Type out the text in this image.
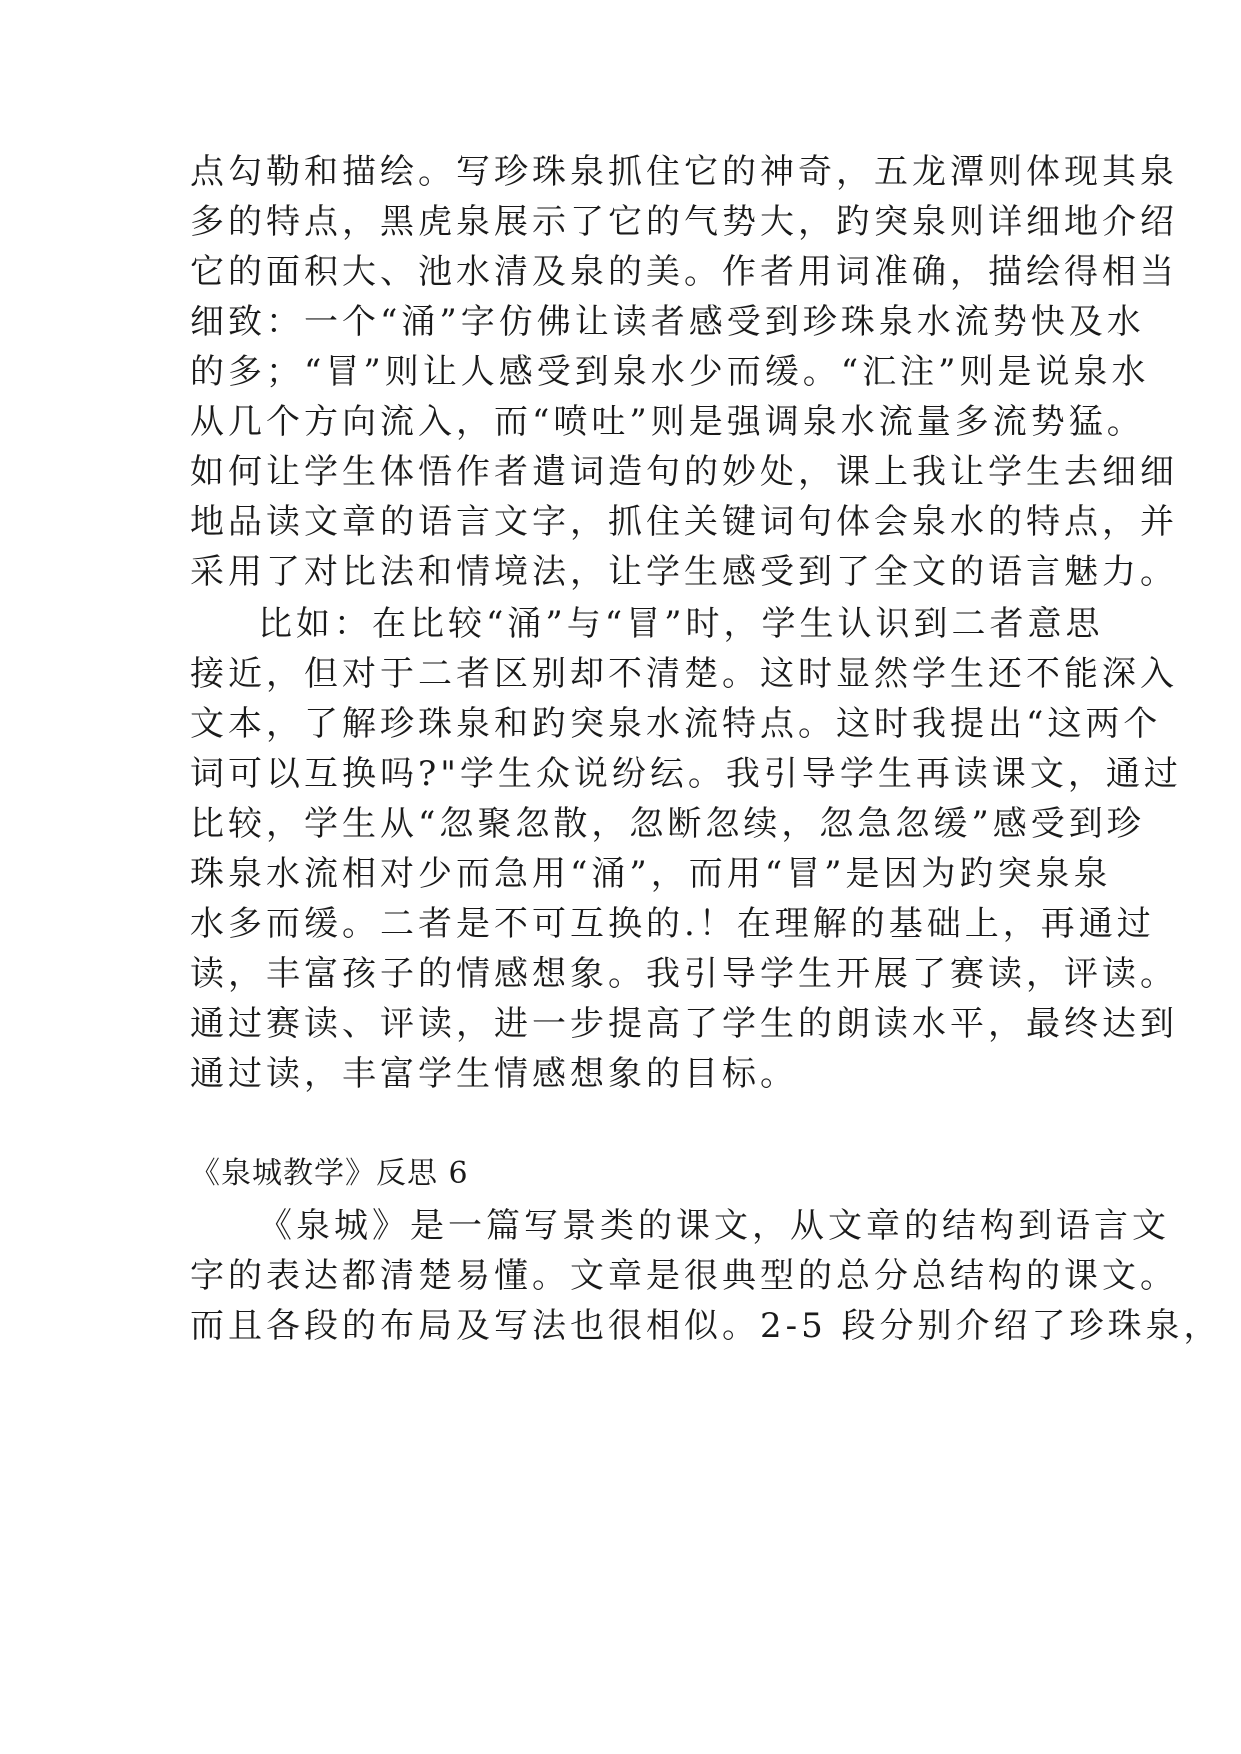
点勾勒和描绘。写珍珠泉抓住它的神奇，五龙潭则体现其泉
多的特点，黑虎泉展示了它的气势大，趵突泉则详细地介绍
它的面积大、池水清及泉的美。作者用词准确，描绘得相当
细致：一个“涌”字仿佛让读者感受到珍珠泉水流势快及水
的多；“冒”则让人感受到泉水少而缓。“汇注”则是说泉水
从几个方向流入，而“喷吐”则是强调泉水流量多流势猛。
如何让学生体悟作者遣词造句的妙处，课上我让学生去细细
地品读文章的语言文字，抓住关键词句体会泉水的特点，并
采用了对比法和情境法，让学生感受到了全文的语言魅力。
比如：在比较“涌”与“冒”时，学生认识到二者意思
接近，但对于二者区别却不清楚。这时显然学生还不能深入
文本，了解珍珠泉和趵突泉水流特点。这时我提出“这两个
词可以互换吗?"学生众说纷纭。我引导学生再读课文，通过
比较，学生从“忽聚忽散，忽断忽续，忽急忽缓”感受到珍
珠泉水流相对少而急用“涌”，而用“冒”是因为趵突泉泉
水多而缓。二者是不可互换的.！在理解的基础上，再通过
读，丰富孩子的情感想象。我引导学生开展了赛读，评读。
通过赛读、评读，进一步提高了学生的朗读水平，最终达到
通过读，丰富学生情感想象的目标。
《泉城教学》反思 6
《泉城》是一篇写景类的课文，从文章的结构到语言文
字的表达都清楚易懂。文章是很典型的总分总结构的课文。
而且各段的布局及写法也很相似。2-5 段分别介绍了珍珠泉，
